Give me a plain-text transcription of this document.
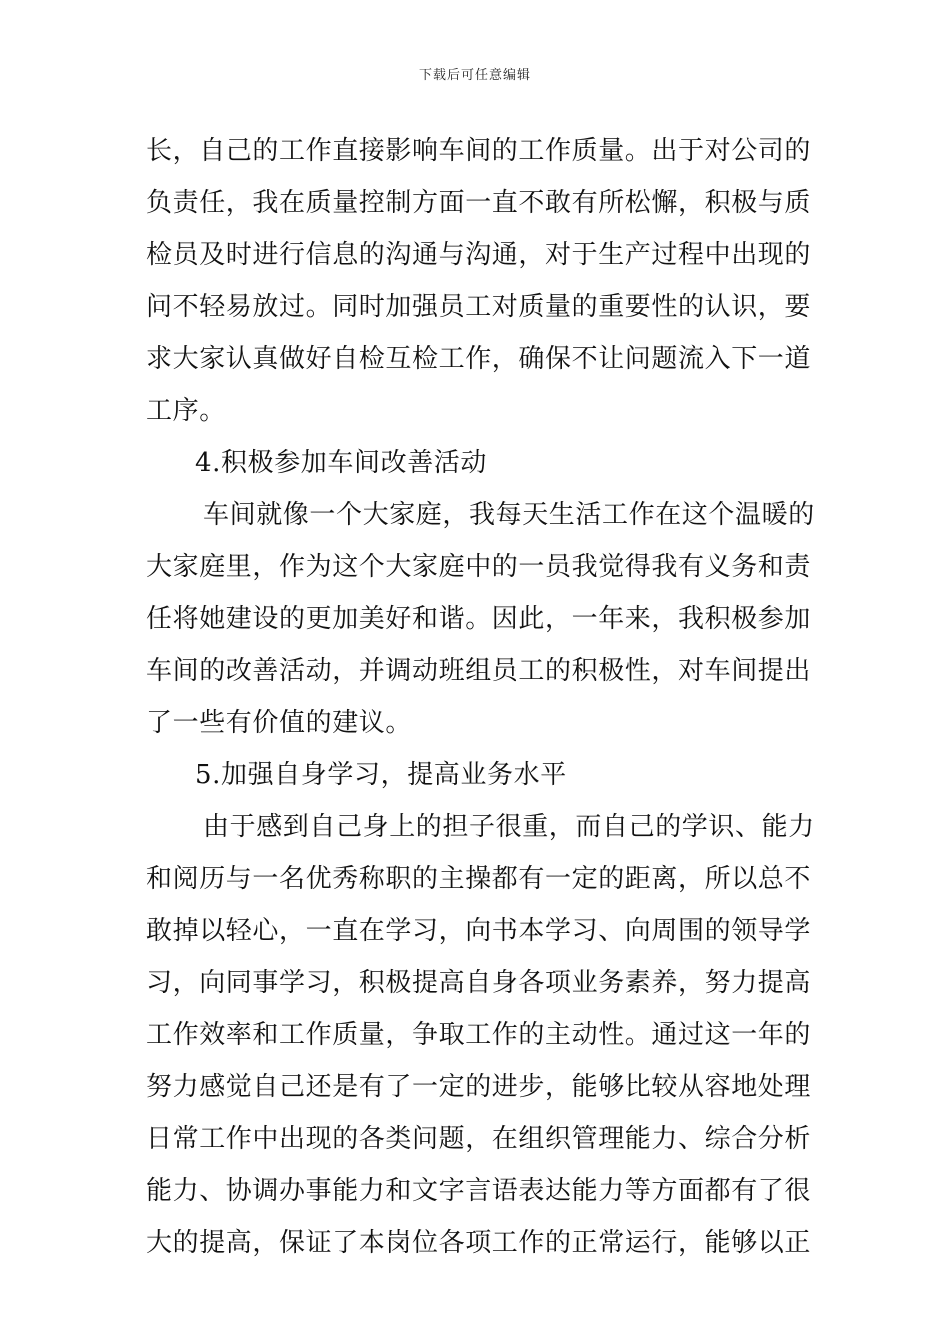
下载后可任意编辑
长，自己的工作直接影响车间的工作质量。出于对公司的
负责任，我在质量控制方面一直不敢有所松懈，积极与质
检员及时进行信息的沟通与沟通，对于生产过程中出现的
问不轻易放过。同时加强员工对质量的重要性的认识，要
求大家认真做好自检互检工作，确保不让问题流入下一道
工序。
4.积极参加车间改善活动
车间就像一个大家庭，我每天生活工作在这个温暖的
大家庭里，作为这个大家庭中的一员我觉得我有义务和责
任将她建设的更加美好和谐。因此，一年来，我积极参加
车间的改善活动，并调动班组员工的积极性，对车间提出
了一些有价值的建议。
5.加强自身学习，提高业务水平
由于感到自己身上的担子很重，而自己的学识、能力
和阅历与一名优秀称职的主操都有一定的距离，所以总不
敢掉以轻心，一直在学习，向书本学习、向周围的领导学
习，向同事学习，积极提高自身各项业务素养，努力提高
工作效率和工作质量，争取工作的主动性。通过这一年的
努力感觉自己还是有了一定的进步，能够比较从容地处理
日常工作中出现的各类问题，在组织管理能力、综合分析
能力、协调办事能力和文字言语表达能力等方面都有了很
大的提高，保证了本岗位各项工作的正常运行，能够以正
